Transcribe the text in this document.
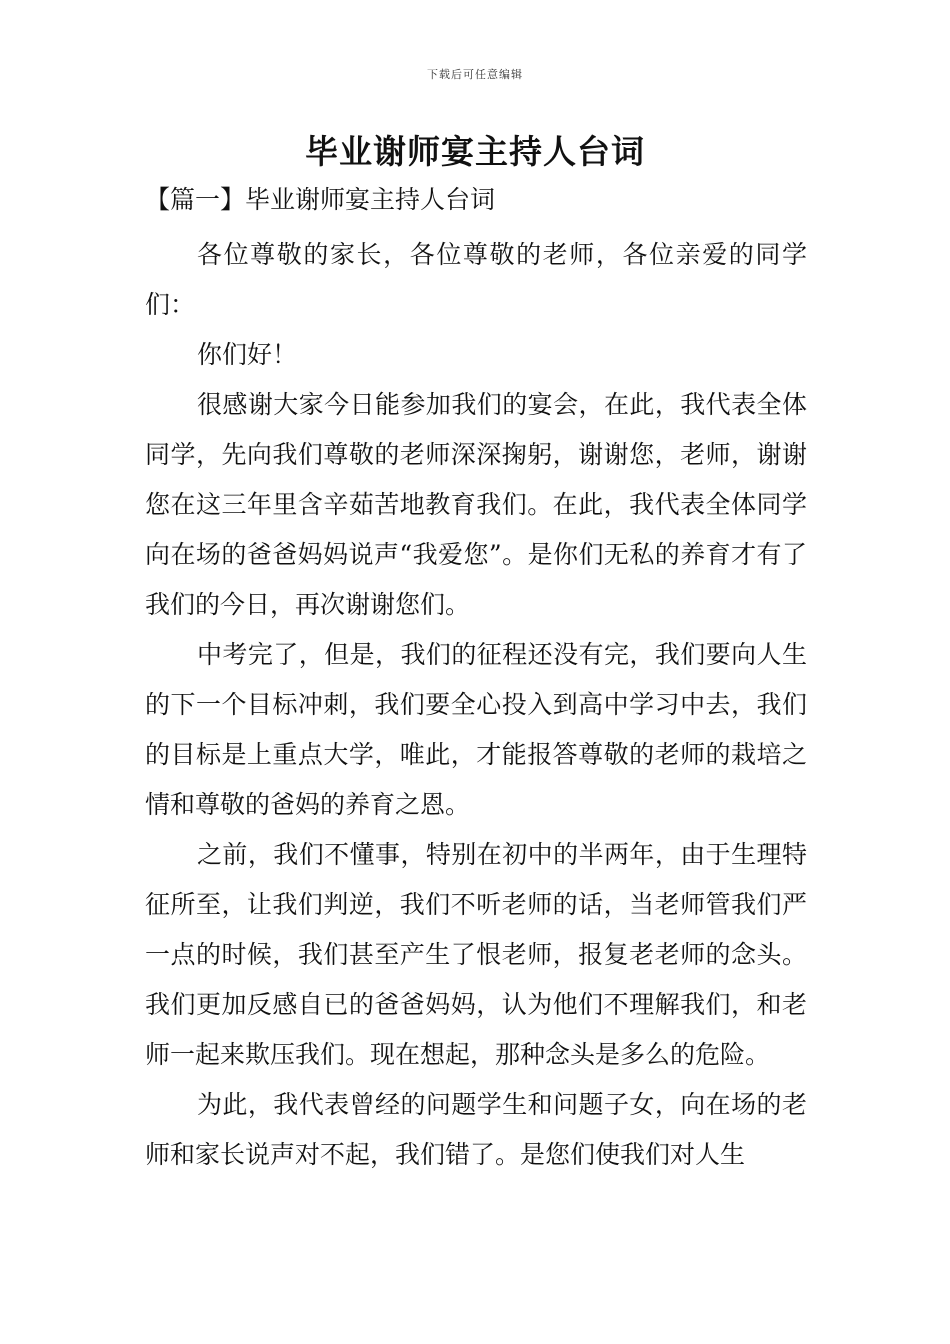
下载后可任意编辑
毕业谢师宴主持人台词
【篇一】毕业谢师宴主持人台词

各位尊敬的家长，各位尊敬的老师，各位亲爱的同学们：

你们好！

很感谢大家今日能参加我们的宴会，在此，我代表全体同学，先向我们尊敬的老师深深掬躬，谢谢您，老师，谢谢您在这三年里含辛茹苦地教育我们。在此，我代表全体同学向在场的爸爸妈妈说声“我爱您”。是你们无私的养育才有了我们的今日，再次谢谢您们。

中考完了，但是，我们的征程还没有完，我们要向人生的下一个目标冲刺，我们要全心投入到高中学习中去，我们的目标是上重点大学，唯此，才能报答尊敬的老师的栽培之情和尊敬的爸妈的养育之恩。

之前，我们不懂事，特别在初中的半两年，由于生理特征所至，让我们判逆，我们不听老师的话，当老师管我们严一点的时候，我们甚至产生了恨老师，报复老老师的念头。我们更加反感自已的爸爸妈妈，认为他们不理解我们，和老师一起来欺压我们。现在想起，那种念头是多么的危险。

为此，我代表曾经的问题学生和问题子女，向在场的老师和家长说声对不起，我们错了。是您们使我们对人生
